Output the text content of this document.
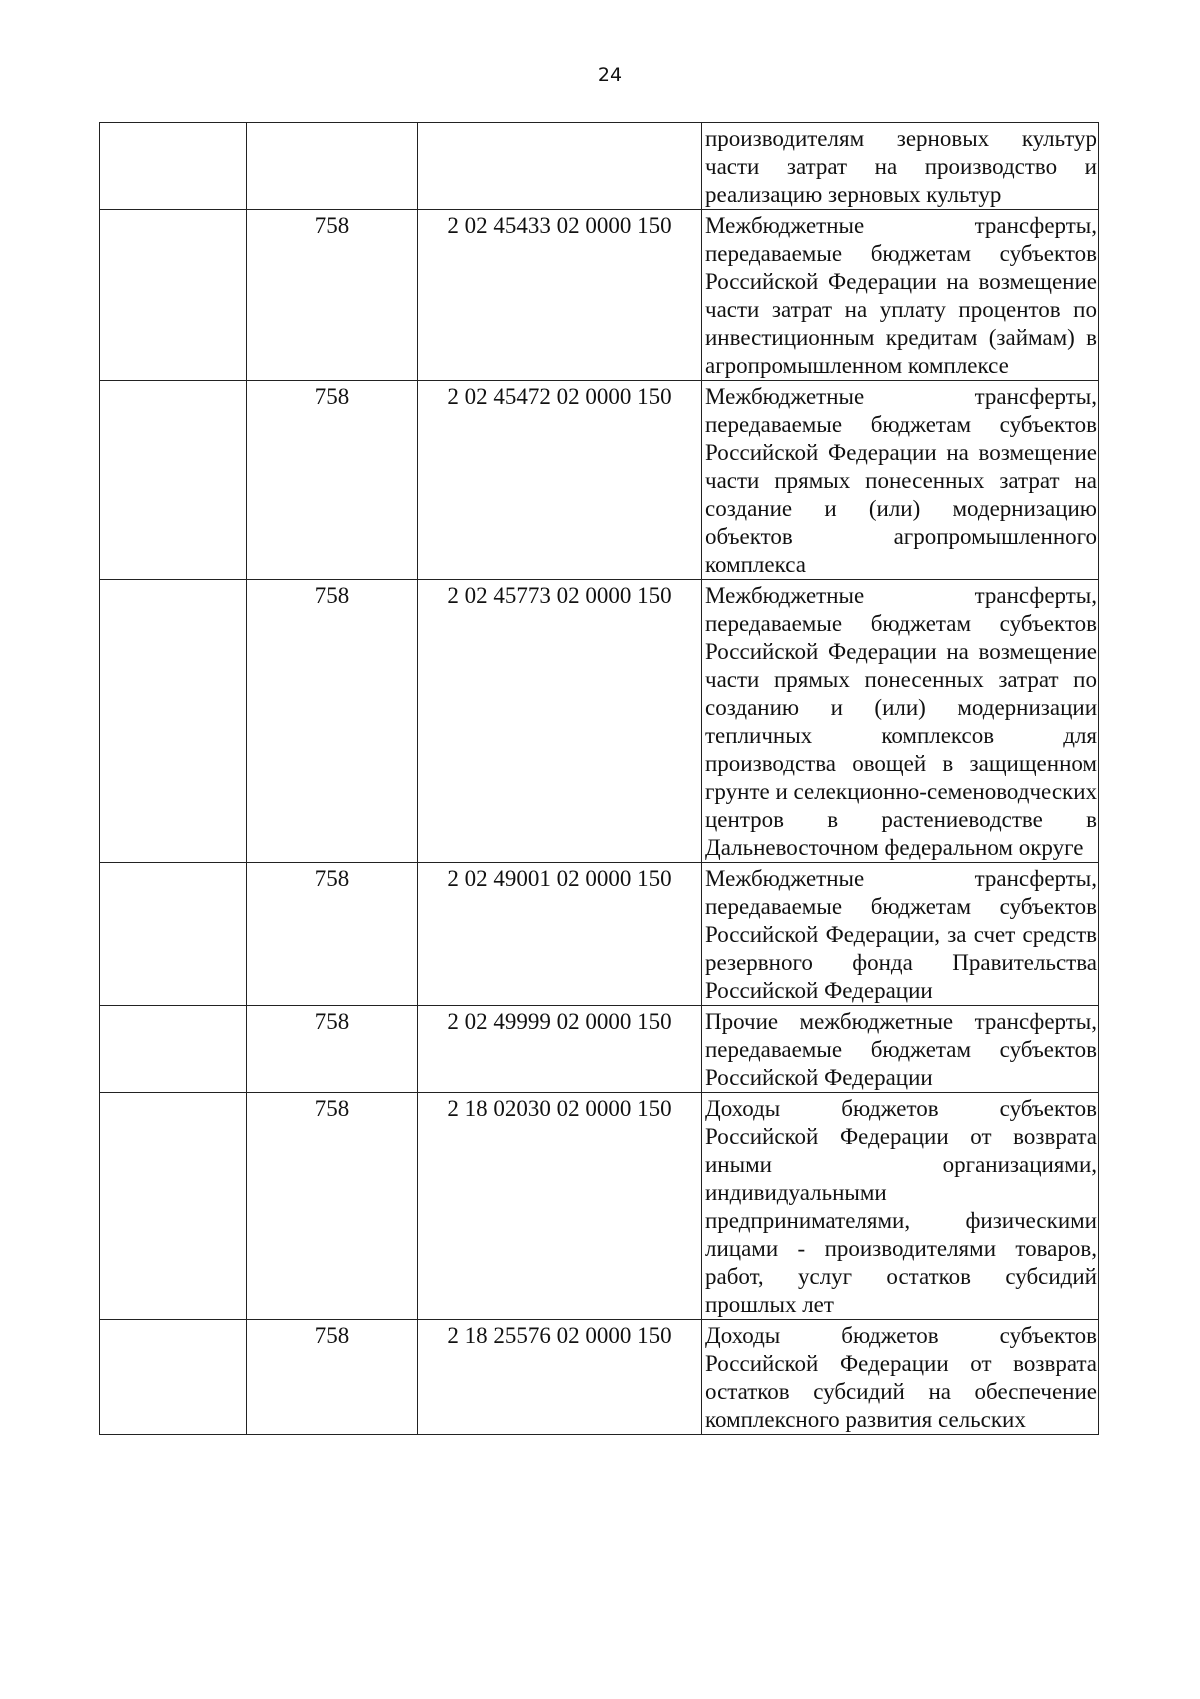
24
			производителям зерновых культур части затрат на производство и реализацию зерновых культур
	758	2 02 45433 02 0000 150	Межбюджетные трансферты, передаваемые бюджетам субъектов Российской Федерации на возмещение части затрат на уплату процентов по инвестиционным кредитам (займам) в агропромышленном комплексе
	758	2 02 45472 02 0000 150	Межбюджетные трансферты, передаваемые бюджетам субъектов Российской Федерации на возмещение части прямых понесенных затрат на создание и (или) модернизацию объектов агропромышленного комплекса
	758	2 02 45773 02 0000 150	Межбюджетные трансферты, передаваемые бюджетам субъектов Российской Федерации на возмещение части прямых понесенных затрат по созданию и (или) модернизации тепличных комплексов для производства овощей в защищенном грунте и селекционно-семеноводческих центров в растениеводстве в Дальневосточном федеральном округе
	758	2 02 49001 02 0000 150	Межбюджетные трансферты, передаваемые бюджетам субъектов Российской Федерации, за счет средств резервного фонда Правительства Российской Федерации
	758	2 02 49999 02 0000 150	Прочие межбюджетные трансферты, передаваемые бюджетам субъектов Российской Федерации
	758	2 18 02030 02 0000 150	Доходы бюджетов субъектов Российской Федерации от возврата иными организациями, индивидуальными предпринимателями, физическими лицами - производителями товаров, работ, услуг остатков субсидий прошлых лет
	758	2 18 25576 02 0000 150	Доходы бюджетов субъектов Российской Федерации от возврата остатков субсидий на обеспечение комплексного развития сельских
